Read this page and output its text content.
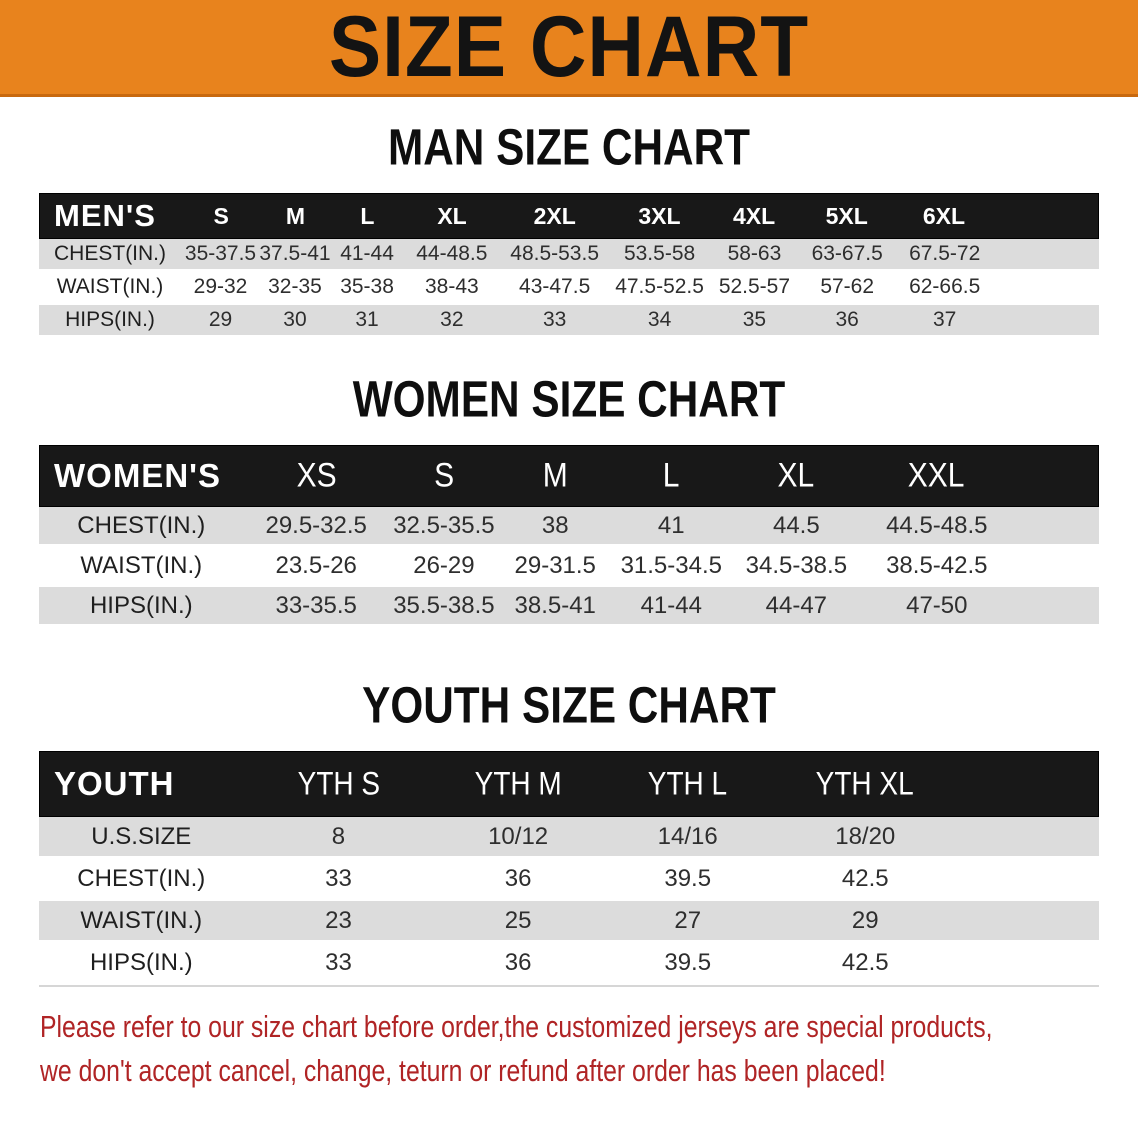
SIZE CHART
MAN SIZE CHART
MEN'S	S	M	L	XL	2XL	3XL	4XL	5XL	6XL
CHEST(IN.) 35-37.5 37.5-41 41-44	44-48.5	48.5-53.5	53.5-58	58-63	63-67.5	67.5-72
WAIST(IN.)	29-32 32-35 35-38	38-43	43-47.5	47.5-52.5 52.5-57	57-62	62-66.5
HIPS(IN.)	29	30	31	32	33	34	35	36	37
WOMEN SIZE CHART
WOMEN'S	XS	S	M	L	XL	XXL
CHEST(IN.)	29.5-32.5	32.5-35.5	38	41	44.5	44.5-48.5
WAIST(IN.)	23.5-26	26-29	29-31.5	31.5-34.5 34.5-38.5	38.5-42.5
HIPS(IN.)	33-35.5	35.5-38.5 38.5-41	41-44	44-47	47-50
YOUTH SIZE CHART
YOUTH	YTH S	YTH M	YTH L	YTH XL
U.S.SIZE	8	10/12	14/16	18/20
CHEST(IN.)	33	36	39.5	42.5
WAIST(IN.)	23	25	27	29
HIPS(IN.)	33	36	39.5	42.5
Please refer to our size chart before order,the customized jerseys are special products,
we don't accept cancel, change, teturn or refund after order has been placed!
